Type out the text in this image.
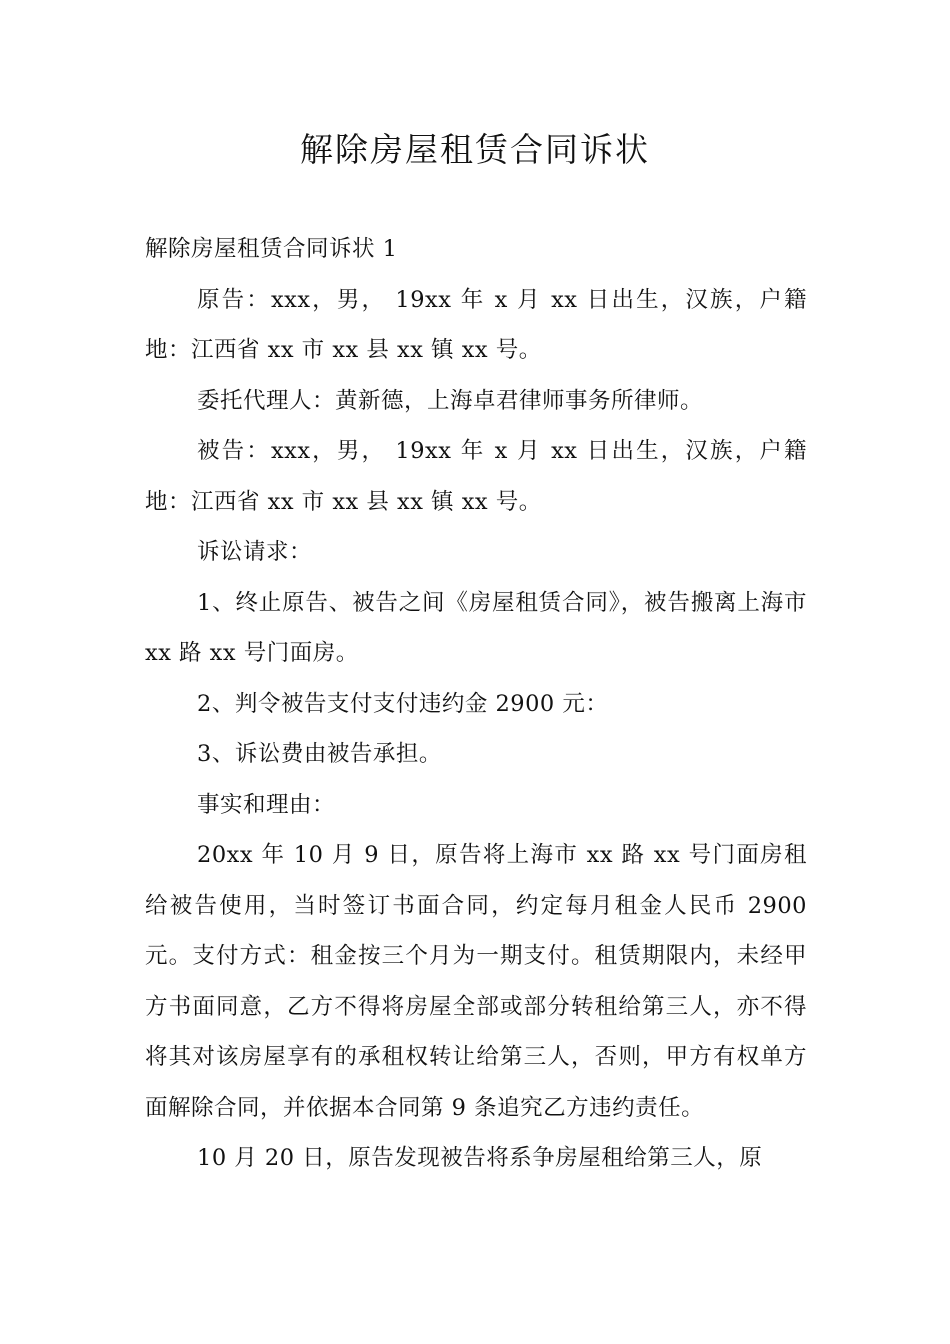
解除房屋租赁合同诉状

解除房屋租赁合同诉状 1

原告：xxx，男， 19xx 年 x 月 xx 日出生，汉族，户籍地：江西省 xx 市 xx 县 xx 镇 xx 号。

委托代理人：黄新德，上海卓君律师事务所律师。

被告：xxx，男， 19xx 年 x 月 xx 日出生，汉族，户籍地：江西省 xx 市 xx 县 xx 镇 xx 号。

诉讼请求：

1、终止原告、被告之间《房屋租赁合同》，被告搬离上海市 xx 路 xx 号门面房。

2、判令被告支付支付违约金 2900 元：

3、诉讼费由被告承担。

事实和理由：

20xx 年 10 月 9 日，原告将上海市 xx 路 xx 号门面房租给被告使用，当时签订书面合同，约定每月租金人民币 2900 元。支付方式：租金按三个月为一期支付。租赁期限内，未经甲方书面同意，乙方不得将房屋全部或部分转租给第三人，亦不得将其对该房屋享有的承租权转让给第三人，否则，甲方有权单方面解除合同，并依据本合同第 9 条追究乙方违约责任。

10 月 20 日，原告发现被告将系争房屋租给第三人，原
